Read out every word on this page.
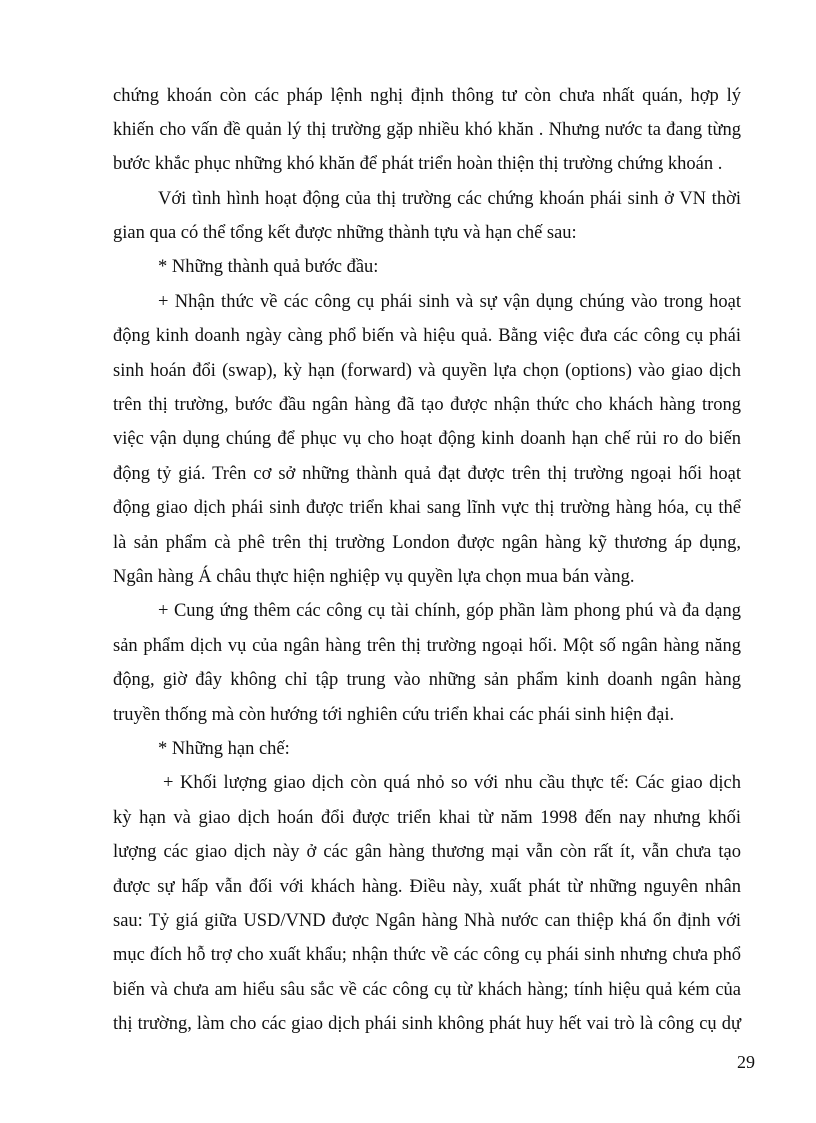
chứng khoán còn các pháp lệnh nghị định thông tư còn chưa nhất quán, hợp lý
khiến cho vấn đề quản lý thị trường gặp nhiều khó khăn . Nhưng nước ta đang từng
bước khắc phục những khó khăn để phát triển hoàn thiện thị trường chứng khoán .
Với tình hình hoạt động của thị trường các chứng khoán phái sinh ở VN thời
gian qua có thể tổng kết được những thành tựu và hạn chế sau:
* Những thành quả bước đầu:
+ Nhận thức về các công cụ phái sinh và sự vận dụng chúng vào trong hoạt
động kinh doanh ngày càng phổ biến và hiệu quả. Bằng việc đưa các công cụ phái
sinh hoán đổi (swap), kỳ hạn (forward) và quyền lựa chọn (options) vào giao dịch
trên thị trường, bước đầu ngân hàng đã tạo được nhận thức cho khách hàng trong
việc vận dụng chúng để phục vụ cho hoạt động kinh doanh hạn chế rủi ro do biến
động tỷ giá. Trên cơ sở những thành quả đạt được trên thị trường ngoại hối hoạt
động giao dịch phái sinh được triển khai sang lĩnh vực thị trường hàng hóa, cụ thể
là sản phẩm cà phê trên thị trường London được ngân hàng kỹ thương áp dụng,
Ngân hàng Á châu thực hiện nghiệp vụ quyền lựa chọn mua bán vàng.
+ Cung ứng thêm các công cụ tài chính, góp phần làm phong phú và đa dạng
sản phẩm dịch vụ của ngân hàng trên thị trường ngoại hối. Một số ngân hàng năng
động, giờ đây không chỉ tập trung vào những sản phẩm kinh doanh ngân hàng
truyền thống mà còn hướng tới nghiên cứu triển khai các phái sinh hiện đại.
* Những hạn chế:
+ Khối lượng giao dịch còn quá nhỏ so với nhu cầu thực tế: Các giao dịch
kỳ hạn và giao dịch hoán đổi được triển khai từ năm 1998 đến nay nhưng khối
lượng các giao dịch này ở các gân hàng thương mại vẫn còn rất ít, vẫn chưa tạo
được sự hấp vẫn đối với khách hàng. Điều này, xuất phát từ những nguyên nhân
sau: Tỷ giá giữa USD/VND được Ngân hàng Nhà nước can thiệp khá ổn định với
mục đích hỗ trợ cho xuất khẩu; nhận thức về các công cụ phái sinh nhưng chưa phổ
biến và chưa am hiểu sâu sắc về các công cụ từ khách hàng; tính hiệu quả kém của
thị trường, làm cho các giao dịch phái sinh không phát huy hết vai trò là công cụ dự
29
